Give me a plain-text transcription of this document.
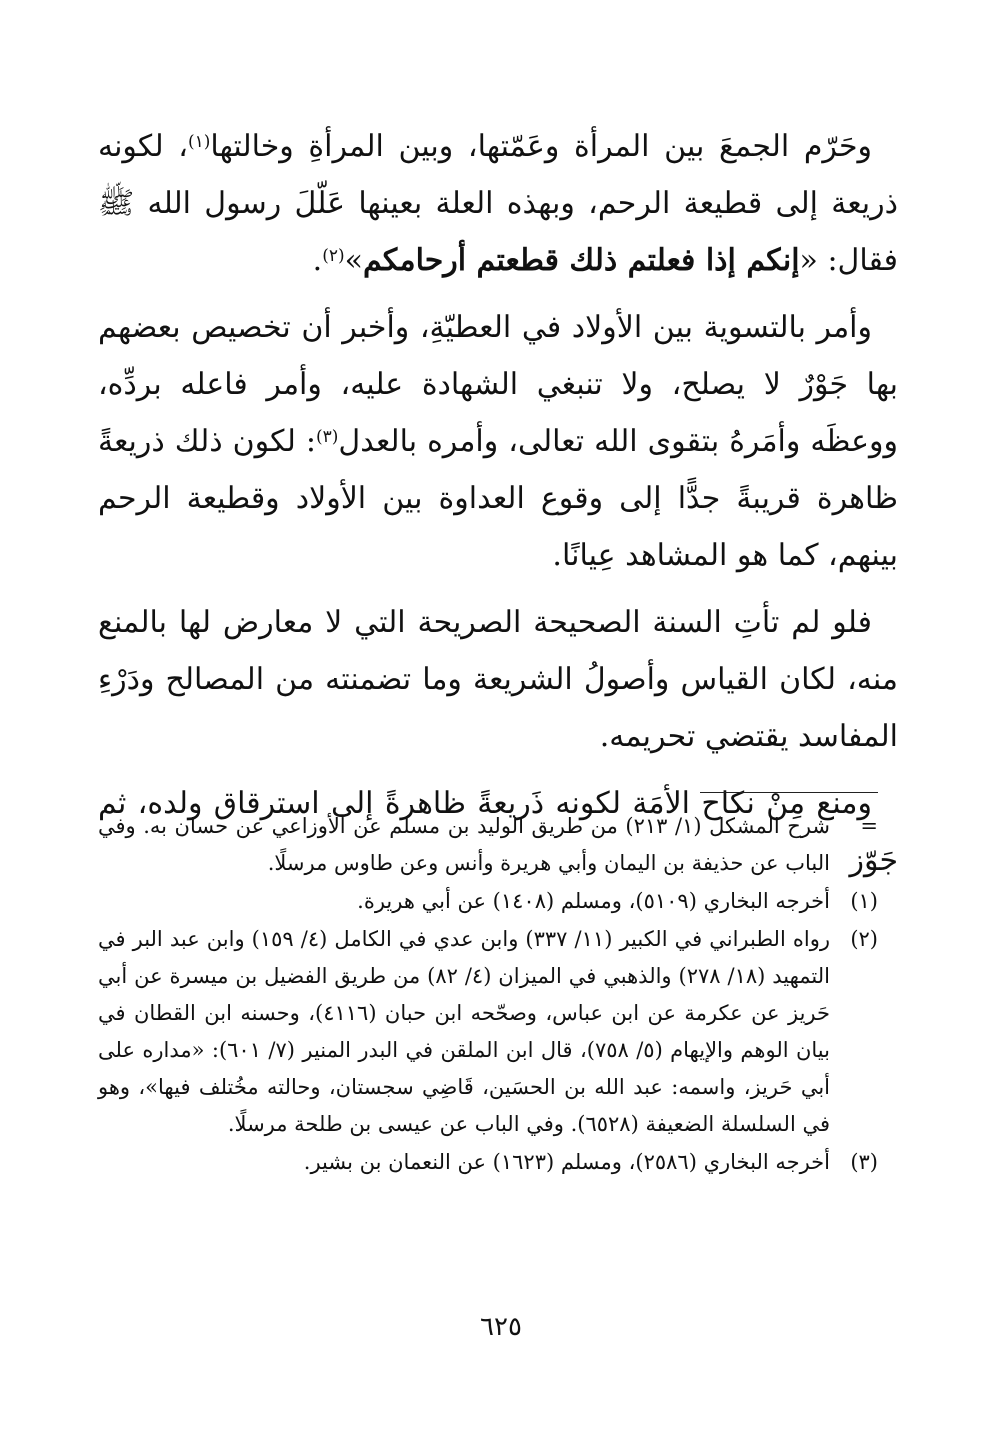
وحَرّم الجمعَ بين المرأة وعَمّتها، وبين المرأةِ وخالتها$^{(١)}$، لكونه ذريعة إلى قطيعة الرحم، وبهذه العلة بعينها عَلّلَ رسول الله ﷺ فقال: «إنكم إذا فعلتم ذلك قطعتم أرحامكم»$^{(٢)}$.

وأمر بالتسوية بين الأولاد في العطيّةِ، وأخبر أن تخصيص بعضهم بها جَوْرٌ لا يصلح، ولا تنبغي الشهادة عليه، وأمر فاعله بردِّه، ووعظَه وأمَرهُ بتقوى الله تعالى، وأمره بالعدل$^{(٣)}$: لكون ذلك ذريعةً ظاهرة قريبةً جدًّا إلى وقوع العداوة بين الأولاد وقطيعة الرحم بينهم، كما هو المشاهد عِيانًا.

فلو لم تأتِ السنة الصحيحة الصريحة التي لا معارض لها بالمنع منه، لكان القياس وأصولُ الشريعة وما تضمنته من المصالح ودَرْءِ المفاسد يقتضي تحريمه.

ومنع مِنْ نكاح الأمَة لكونه ذَريعةً ظاهرةً إلى استرقاق ولده، ثم جَوّز

=
شرح المشكل (١/ ٢١٣) من طريق الوليد بن مسلم عن الأوزاعي عن حسان به. وفي الباب عن حذيفة بن اليمان وأبي هريرة وأنس وعن طاوس مرسلًا.
(١)
أخرجه البخاري (٥١٠٩)، ومسلم (١٤٠٨) عن أبي هريرة.
(٢)
رواه الطبراني في الكبير (١١/ ٣٣٧) وابن عدي في الكامل (٤/ ١٥٩) وابن عبد البر في التمهيد (١٨/ ٢٧٨) والذهبي في الميزان (٤/ ٨٢) من طريق الفضيل بن ميسرة عن أبي حَريز عن عكرمة عن ابن عباس، وصحّحه ابن حبان (٤١١٦)، وحسنه ابن القطان في بيان الوهم والإيهام (٥/ ٧٥٨)، قال ابن الملقن في البدر المنير (٧/ ٦٠١): «مداره على أبي حَريز، واسمه: عبد الله بن الحسَين، قَاضِي سجستان، وحالته مخُتلف فيها»، وهو في السلسلة الضعيفة (٦٥٢٨). وفي الباب عن عيسى بن طلحة مرسلًا.
(٣)
أخرجه البخاري (٢٥٨٦)، ومسلم (١٦٢٣) عن النعمان بن بشير.
٦٢٥
